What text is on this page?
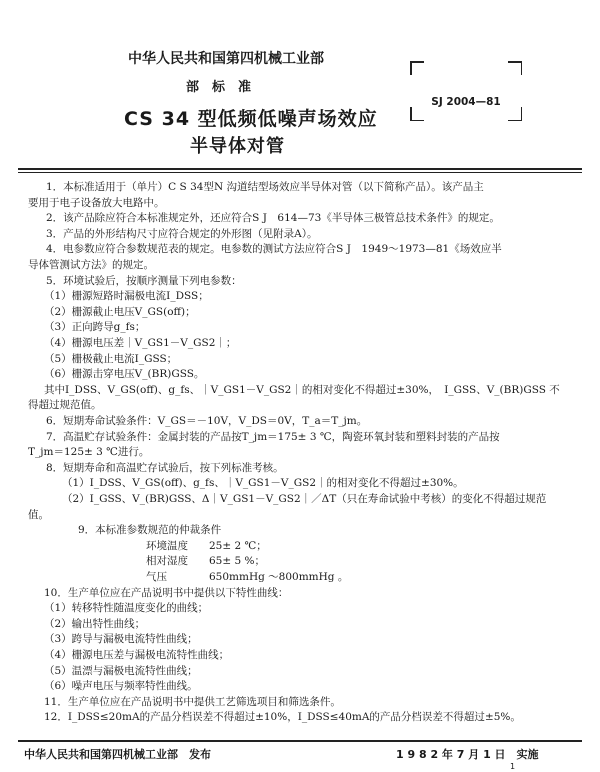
中华人民共和国第四机械工业部
部　标　准
CS 34 型低频低噪声场效应
半导体对管
SJ 2004—81
1．本标准适用于（单片）C S 34型N 沟道结型场效应半导体对管（以下简称产品）。该产品主
要用于电子设备放大电路中。
2．该产品除应符合本标准规定外，还应符合S J　614—73《半导体三极管总技术条件》的规定。
3．产品的外形结构尺寸应符合规定的外形图（见附录A）。
4．电参数应符合参数规范表的规定。电参数的测试方法应符合S J　1949～1973—81《场效应半
导体管测试方法》的规定。
5．环境试验后，按顺序测量下列电参数：
（1）栅源短路时漏极电流I_DSS；
（2）栅源截止电压V_GS(off)；
（3）正向跨导g_fs；
（4）栅源电压差｜V_GS1－V_GS2｜；
（5）栅极截止电流I_GSS；
（6）栅源击穿电压V_(BR)GSS。
其中I_DSS、V_GS(off)、g_fs、｜V_GS1－V_GS2｜的相对变化不得超过±30%，　I_GSS、V_(BR)GSS 不
得超过规范值。
6．短期寿命试验条件：V_GS＝－10V，V_DS＝0V，T_a＝T_jm。
7．高温贮存试验条件：金属封装的产品按T_jm＝175± 3 ℃，陶瓷环氧封装和塑料封装的产品按
T_jm＝125± 3 ℃进行。
8．短期寿命和高温贮存试验后，按下列标准考核。
（1）I_DSS、V_GS(off)、g_fs、｜V_GS1－V_GS2｜的相对变化不得超过±30%。
（2）I_GSS、V_(BR)GSS、Δ｜V_GS1－V_GS2｜／ΔT（只在寿命试验中考核）的变化不得超过规范
值。
9．本标准参数规范的仲裁条件
环境温度　　25± 2 ℃；
相对湿度　　65± 5 %；
气压　　　　650mmHg ～800mmHg 。
10．生产单位应在产品说明书中提供以下特性曲线：
（1）转移特性随温度变化的曲线；
（2）输出特性曲线；
（3）跨导与漏极电流特性曲线；
（4）栅源电压差与漏极电流特性曲线；
（5）温漂与漏极电流特性曲线；
（6）噪声电压与频率特性曲线。
11．生产单位应在产品说明书中提供工艺筛选项目和筛选条件。
12．I_DSS≤20mA的产品分档误差不得超过±10%，I_DSS≤40mA的产品分档误差不得超过±5%。
中华人民共和国第四机械工业部　发布	1 9 8 2 年 7 月 1 日　实施
1
